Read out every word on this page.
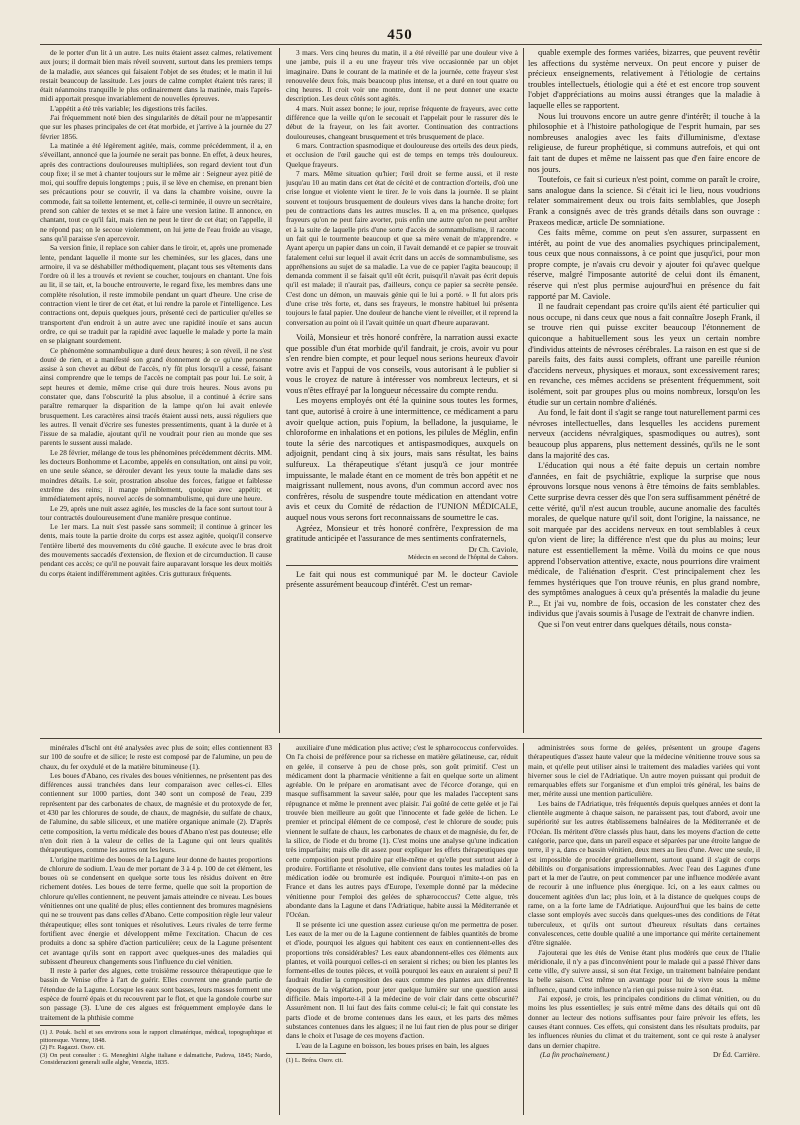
450

de le porter d'un lit à un autre. Les nuits étaient assez calmes, relativement aux jours; il dormait bien mais réveil souvent, surtout dans les premiers temps de la maladie, aux séances qui faisaient l'objet de ses études; et le matin il lui restait beaucoup de lassitude. Les jours de calme complet étaient très rares; il était néanmoins tranquille le plus ordinairement dans la matinée, mais l'après-midi apportait presque invariablement de nouvelles épreuves.

L'appétit a été très variable; les digestions très faciles.

J'ai fréquemment noté bien des singularités de détail pour ne m'appesantir que sur les phases principales de cet état morbide, et j'arrive à la journée du 27 février 1856.

La matinée a été légèrement agitée, mais, comme précédemment, il a, en s'éveillant, annoncé que la journée ne serait pas bonne. En effet, à deux heures, après des contractions douloureuses multipliées, son regard devient tout d'un coup fixe; il se met à chanter toujours sur le même air : Seigneur ayez pitié de moi, qui souffre depuis longtemps ; puis, il se lève en chemise, en prenant bien ses précautions pour se couvrir, il va dans la chambre voisine, ouvre la commode, fait sa toilette lentement, et, celle-ci terminée, il ouvre un secrétaire, prend son cahier de textes et se met à faire une version latine. Il annonce, en chantant, tout ce qu'il fait, mais rien ne peut le tirer de cet état; on l'appelle, il ne répond pas; on le secoue violemment, on lui jette de l'eau froide au visage, sans qu'il paraisse s'en apercevoir.

Sa version finie, il replace son cahier dans le tiroir, et, après une promenade lente, pendant laquelle il monte sur les cheminées, sur les glaces, dans une armoire, il va se déshabiller méthodiquement, plaçant tous ses vêtements dans l'ordre où il les a trouvés et revient se coucher, toujours en chantant. Une fois au lit, il se tait, et, la bouche entrouverte, le regard fixe, les membres dans une complète résolution, il reste immobile pendant un quart d'heure. Une crise de contraction vient le tirer de cet état, et lui rendre la parole et l'intelligence. Les contractions ont, depuis quelques jours, présenté ceci de particulier qu'elles se transportent d'un endroit à un autre avec une rapidité inouïe et sans aucun ordre, ce qui se traduit par la rapidité avec laquelle le malade y porte la main en se plaignant sourdement.

Ce phénomène somnambulique a duré deux heures; à son réveil, il ne s'est douté de rien, et a manifesté son grand étonnement de ce qu'une personne assise à son chevet au début de l'accès, n'y fût plus lorsqu'il a cessé, faisant ainsi comprendre que le temps de l'accès ne comptait pas pour lui. Le soir, à sept heures et demie, même crise qui dure trois heures. Nous avons pu constater que, dans l'obscurité la plus absolue, il a continué à écrire sans paraître remarquer la disparition de la lampe qu'on lui avait enlevée brusquement. Les caractères ainsi tracés étaient aussi nets, aussi réguliers que les autres. Il venait d'écrire ses funestes pressentiments, quant à la durée et à l'issue de sa maladie, ajoutant qu'il ne voudrait pour rien au monde que ses parents le sussent aussi malade.

Le 28 février, mélange de tous les phénomènes précédemment décrits. MM. les docteurs Bonhomme et Lacombe, appelés en consultation, ont ainsi pu voir, en une seule séance, se dérouler devant les yeux toute la maladie dans ses moindres détails. Le soir, prostration absolue des forces, fatigue et faiblesse extrême des reins; il mange péniblement, quoique avec appétit; et immédiatement après, nouvel accès de somnambulisme, qui dure une heure.

Le 29, après une nuit assez agitée, les muscles de la face sont surtout tour à tour contractés douloureusement d'une manière presque continue.

Le 1er mars. La nuit s'est passée sans sommeil; il continue à grincer les dents, mais toute la partie droite du corps est assez agitée, quoiqu'il conserve l'entière liberté des mouvements du côté gauche. Il exécute avec le bras droit des mouvements saccadés d'extension, de flexion et de circumduction. Il cause pendant ces accès; ce qu'il ne pouvait faire auparavant lorsque les deux moitiés du corps étaient indifféremment agitées. Cris gutturaux fréquents.

3 mars. Vers cinq heures du matin, il a été réveillé par une douleur vive à une jambe, puis il a eu une frayeur très vive occasionnée par un objet imaginaire. Dans le courant de la matinée et de la journée, cette frayeur s'est renouvelée deux fois, mais beaucoup plus intense, et a duré en tout quatre ou cinq heures. Il croit voir une montre, dont il ne peut donner une exacte description. Les deux côtés sont agités.

4 mars. Nuit assez bonne; le jour, reprise fréquente de frayeurs, avec cette différence que la veille qu'on le secouait et l'appelait pour le rassurer dès le début de la frayeur, on les fait avorter. Continuation des contractions douloureuses, changeant brusquement et très brusquement de place.

6 mars. Contraction spasmodique et douloureuse des orteils des deux pieds, et occlusion de l'œil gauche qui est de temps en temps très douloureux. Quelque frayeurs.

7 mars. Même situation qu'hier; l'œil droit se ferme aussi, et il reste jusqu'au 10 au matin dans cet état de cécité et de contraction d'orteils, d'où une crise longue et violente vient le tirer. Je le vois dans la journée. Il se plaint souvent et toujours brusquement de douleurs vives dans la hanche droite; fort peu de contractions dans les autres muscles. Il a, en ma présence, quelques frayeurs qu'on ne peut faire avorter, puis enfin une autre qu'on ne peut arrêter et à la suite de laquelle pris d'une sorte d'accès de somnambulisme, il raconte un fait qui le tourmente beaucoup et que sa mère venait de m'apprendre. « Ayant aperçu un papier dans un coin, il l'avait demandé et ce papier se trouvait fatalement celui sur lequel il avait écrit dans un accès de somnambulisme, ses appréhensions au sujet de sa maladie. La vue de ce papier l'agita beaucoup; il demanda comment il se faisait qu'il eût écrit, puisqu'il n'avait pas écrit depuis qu'il est malade; il n'aurait pas, d'ailleurs, conçu ce papier sa secrète pensée. C'est donc un démon, un mauvais génie qui le lui a porté. » Il fut alors pris d'une crise très forte, et, dans ses frayeurs, le monstre habituel lui présenta toujours le fatal papier. Une douleur de hanche vient le réveiller, et il reprend la conversation au point où il l'avait quittée un quart d'heure auparavant.

Voilà, Monsieur et très honoré confrère, la narration aussi exacte que possible d'un état morbide qu'il fandrait, je crois, avoir vu pour s'en rendre bien compte, et pour lequel nous serions heureux d'avoir votre avis et l'appui de vos conseils, vous autorisant à le publier si vous le croyez de nature à intéresser vos nombreux lecteurs, et si vous n'êtes effrayé par la longueur nécessaire du compte rendu.

Les moyens employés ont été la quinine sous toutes les formes, tant que, autorisé à croire à une intermittence, ce médicament a paru avoir quelque action, puis l'opium, la belladone, la jusquiame, le chloroforme en inhalations et en potions, les pilules de Méglin, enfin toute la série des narcotiques et antispasmodiques, auxquels on adjoignit, pendant cinq à six jours, mais sans résultat, les bains sulfureux. La thérapeutique s'étant jusqu'à ce jour montrée impuissante, le malade étant en ce moment de très bon appétit et ne maigrissant nullement, nous avons, d'un commun accord avec nos confrères, résolu de suspendre toute médication en attendant votre avis et ceux du Comité de rédaction de l'UNION MÉDICALE, auquel nous vous serons fort reconnaissans de soumettre le cas.

Agréez, Monsieur et très honoré confrère, l'expression de ma gratitude anticipée et l'assurance de mes sentiments confraternels,

Dr Ch. Caviole,
Médecin en second de l'hôpital de Cahors.

Le fait qui nous est communiqué par M. le docteur Caviole présente assurément beaucoup d'intérêt. C'est un remar-

quable exemple des formes variées, bizarres, que peuvent revêtir les affections du système nerveux. On peut encore y puiser de précieux enseignements, relativement à l'étiologie de certains troubles intellectuels, étiologie qui a été et est encore trop souvent l'objet d'appréciations au moins aussi étranges que la maladie à laquelle elles se rapportent.

Nous lui trouvons encore un autre genre d'intérêt; il touche à la philosophie et à l'histoire pathologique de l'esprit humain, par ses nombreuses analogies avec les faits d'illuminisme, d'extase religieuse, de fureur prophétique, si communs autrefois, et qui ont fait tant de dupes et même ne laissent pas que d'en faire encore de nos jours.

Toutefois, ce fait si curieux n'est point, comme on paraît le croire, sans analogue dans la science. Si c'était ici le lieu, nous voudrions relater sommairement deux ou trois faits semblables, que Joseph Frank a consignés avec de très grands détails dans son ouvrage : Praxeos medicæ, article De somniatione.

Ces faits même, comme on peut s'en assurer, surpassent en intérêt, au point de vue des anomalies psychiques principalement, tous ceux que nous connaissons, à ce point que jusqu'ici, pour mon propre compte, je n'avais cru devoir y ajouter foi qu'avec quelque réserve, malgré l'imposante autorité de celui dont ils émanent, réserve qui n'est plus permise aujourd'hui en présence du fait rapporté par M. Caviole.

Il ne faudrait cependant pas croire qu'ils aient été particulier qui nous occupe, ni dans ceux que nous a fait connaître Joseph Frank, il se trouve rien qui puisse exciter beaucoup l'étonnement de quiconque a habituellement sous les yeux un certain nombre d'individus atteints de névroses cérébrales. La raison en est que si de pareils faits, des faits aussi complets, offrant une pareille réunion d'accidens nerveux, physiques et moraux, sont excessivement rares; en revanche, ces mêmes accidens se présentent fréquemment, soit isolément, soit par groupes plus ou moins nombreux, lorsqu'on les étudie sur un certain nombre d'aliénés.

Au fond, le fait dont il s'agit se range tout naturellement parmi ces névroses intellectuelles, dans lesquelles les accidens purement nerveux (accidens névralgiques, spasmodiques ou autres), sont beaucoup plus apparens, plus nettement dessinés, qu'ils ne le sont dans la majorité des cas.

L'éducation qui nous a été faite depuis un certain nombre d'années, en fait de psychiâtrie, explique la surprise que nous éprouvons lorsque nous venons à être témoins de faits semblables. Cette surprise devra cesser dès que l'on sera suffisamment pénétré de cette vérité, qu'il n'est aucun trouble, aucune anomalie des facultés morales, de quelque nature qu'il soit, dont l'origine, la naissance, ne soit marquée par des accidens nerveux en tout semblables à ceux qu'on vient de lire; la différence n'est que du plus au moins; leur nature est essentiellement la même. Voilà du moins ce que nous apprend l'observation attentive, exacte, nous pourrions dire vraiment médicale, de l'aliénation d'esprit. C'est principalement chez les femmes hystériques que l'on trouve réunis, en plus grand nombre, des symptômes analogues à ceux qu'a présentés la maladie du jeune P..., Et j'ai vu, nombre de fois, occasion de les constater chez des individus que j'avais soumis à l'usage de l'extrait de chanvre indien.

Que si l'on veut entrer dans quelques détails, nous consta-

minérales d'Ischl ont été analysées avec plus de soin; elles contiennent 83 sur 100 de soufre et de silice; le reste est composé par de l'alumine, un peu de chaux, du fer oxydulé et de la matière bitumineuse (1).

Les boues d'Abano, ces rivales des boues vénitiennes, ne présentent pas des différences aussi tranchées dans leur comparaison avec celles-ci. Elles contiennent sur 1000 parties, dont 340 sont un composé de l'eau, 239 représentent par des carbonates de chaux, de magnésie et du protoxyde de fer, et 430 par les chlorures de soude, de chaux, de magnésie, du sulfate de chaux, de l'alumine, du sable siliceux, et une matière organique animale (2). D'après cette composition, la vertu médicale des boues d'Abano n'est pas douteuse; elle n'en doit rien à la valeur de celles de la Lagune qui ont leurs qualités thérapeutiques, comme les autres ont les leurs.

L'origine maritime des boues de la Lagune leur donne de hautes proportions de chlorure de sodium. L'eau de mer portant de 3 à 4 p. 100 de cet élément, les boues où se condensent en quelque sorte tous les résidus doivent en être richement dotées. Les boues de terre ferme, quelle que soit la proportion de chlorure qu'elles contiennent, ne peuvent jamais atteindre ce niveau. Les boues vénitiennes ont une qualité de plus; elles contiennent des bromures magnésiens qui ne se trouvent pas dans celles d'Abano. Cette composition règle leur valeur thérapeutique; elles sont toniques et résolutives. Leurs rivales de terre ferme fortifient avec énergie et développent même l'excitation. Chacun de ces produits a donc sa sphère d'action particulière; ceux de la Lagune présentent cet avantage qu'ils sont en rapport avec quelques-unes des maladies qui subissent d'heureux changements sous l'influence du ciel vénitien.

Il reste à parler des algues, cette troisième ressource thérapeutique que le bassin de Venise offre à l'art de guérir. Elles couvrent une grande partie de l'étendue de la Lagune. Lorsque les eaux sont basses, leurs masses forment une espèce de fourré épais et du recouvrent par le flot, et que la gondole courbe sur son passage (3). L'une de ces algues est fréquemment employée dans le traitement de la phthisie comme

(1) J. Potak. Ischl et ses environs sous le rapport climatérique, médical, topographique et pittoresque. Vienne, 1848.

(2) Fr. Ragazzi. Osov. cit.

(3) On peut consulter : G. Meneghini Alghe italiane e dalmatiche, Padova, 1845; Nardo, Considerazioni generali sulle alghe, Venezia, 1835.

auxiliaire d'une médication plus active; c'est le sphærococcus confervoïdes. On l'a choisi de préférence pour sa richesse en matière gélatineuse, car, réduit en gelée, il conserve à peu de chose près, son goût primitif. C'est un médicament dont la pharmacie vénitienne a fait en quelque sorte un aliment agréable. On le prépare en aromatisant avec de l'écorce d'orange, qui en masque suffisamment la saveur salée, pour que les malades l'acceptent sans répugnance et même le prennent avec plaisir. J'ai goûté de cette gelée et je l'ai trouvée bien meilleure au goût que l'innocente et fade gelée de lichen. Le premier et principal élément de ce composé, c'est le chlorure de soude; puis viennent le sulfate de chaux, les carbonates de chaux et de magnésie, du fer, de la silice, de l'iode et du brome (1). C'est moins une analyse qu'une indication très imparfaite; mais elle dit assez pour expliquer les effets thérapeutiques que cette composition peut produire par elle-même et qu'elle peut surtout aider à produire. Fortifiante et résolutive, elle convient dans toutes les maladies où la médication iodée ou bromurée est indiquée. Pourquoi n'imite-t-on pas en France et dans les autres pays d'Europe, l'exemple donné par la médecine vénitienne pour l'emploi des gelées de sphærococcus? Cette algue, très abondante dans la Lagune et dans l'Adriatique, habite aussi la Méditerranée et l'Océan.

Il se présente ici une question assez curieuse qu'on me permettra de poser. Les eaux de la mer ou de la Lagune contiennent de faibles quantités de brome et d'iode, pourquoi les algues qui habitent ces eaux en contiennent-elles des proportions très considérables? Les eaux abandonnent-elles ces éléments aux plantes, et voilà pourquoi celles-ci en seraient si riches; ou bien les plantes les forment-elles de toutes pièces, et voilà pourquoi les eaux en auraient si peu? Il faudrait étudier la composition des eaux comme des plantes aux différentes époques de la végétation, pour jeter quelque lumière sur une question aussi difficile. Mais importe-t-il à la médecine de voir clair dans cette obscurité? Assurément non. Il lui faut des faits comme celui-ci; le fait qui constate les parts d'iode et de brome contenues dans les eaux, et les parts des mêmes substances contenues dans les algues; il ne lui faut rien de plus pour se diriger dans le choix et l'usage de ces moyens d'action.

L'eau de la Lagune en boisson, les boues prises en bain, les algues

(1) L. Bréra. Osov. cit.

administrées sous forme de gelées, présentent un groupe d'agens thérapeutiques d'assez haute valeur que la médecine vénitienne trouve sous sa main, et qu'elle peut utiliser ainsi le traitement des maladies variées qui vont hiverner sous le ciel de l'Adriatique. Un autre moyen puissant qui produit de remarquables effets sur l'organisme et d'un emploi très général, les bains de mer, mérite aussi une mention particulière.

Les bains de l'Adriatique, très fréquentés depuis quelques années et dont la clientèle augmente à chaque saison, ne paraissent pas, tout d'abord, avoir une supériorité sur les autres établissemens balnéaires de la Méditerranée et de l'Océan. Ils méritent d'être classés plus haut, dans les moyens d'action de cette catégorie, parce que, dans un pareil espace et séparées par une étroite langue de terre, il y a, dans ce bassin vénitien, deux mers au lieu d'une. Avec une seule, il est impossible de procéder graduellement, surtout quand il s'agit de corps débilités ou d'organisations impressionnables. Avec l'eau des Lagunes d'une part et la mer de l'autre, on peut commencer par une influence modérée avant de recourir à une influence plus énergique. Ici, on a les eaux calmes ou doucement agitées d'un lac; plus loin, et à la distance de quelques coups de rame, on a la forte lame de l'Adriatique. Aujourd'hui que les bains de cette classe sont employés avec succès dans quelques-unes des conditions de l'état tuberculeux, et qu'ils ont surtout d'heureux résultats dans certaines convalescences, cette double qualité a une importance qui mérite certainement d'être signalée.

J'ajouterai que les étés de Venise étant plus modérés que ceux de l'Italie méridionale, il n'y a pas d'inconvénient pour le malade qui a passé l'hiver dans cette ville, d'y suivre aussi, si son état l'exige, un traitement balnéaire pendant la belle saison. C'est même un avantage pour lui de vivre sous la même influence, quand cette influence n'a rien qui puisse nuire à son état.

J'ai exposé, je crois, les principales conditions du climat vénitien, ou du moins les plus essentielles; je suis entré même dans des détails qui ont dû donner au lecteur des notions suffisantes pour faire prévoir les effets, les causes étant connues. Ces effets, qui consistent dans les résultats produits, par les influences réunies du climat et du traitement, sont ce qui reste à analyser dans un dernier chapitre.

(La fin prochainement.)	Dr Éd. Carrière.
